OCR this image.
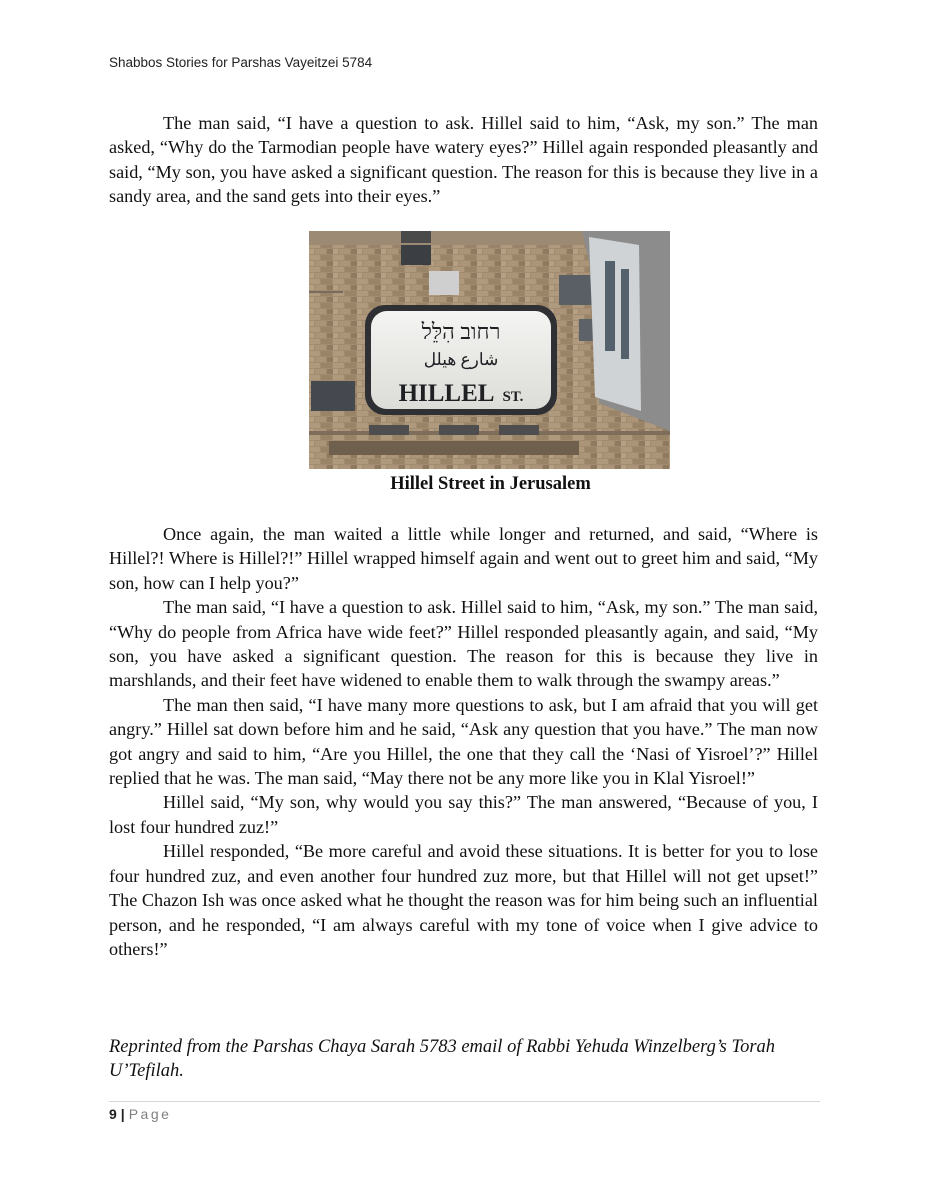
Shabbos Stories for Parshas Vayeitzei 5784

The man said, “I have a question to ask. Hillel said to him, “Ask, my son.” The man asked, “Why do the Tarmodian people have watery eyes?” Hillel again responded pleasantly and said, “My son, you have asked a significant question. The reason for this is because they live in a sandy area, and the sand gets into their eyes.”

רחוב הִלֵּל
شارع هيلل
HILLEL ST.
Hillel Street in Jerusalem

Once again, the man waited a little while longer and returned, and said, “Where is Hillel?! Where is Hillel?!” Hillel wrapped himself again and went out to greet him and said, “My son, how can I help you?”

The man said, “I have a question to ask. Hillel said to him, “Ask, my son.” The man said, “Why do people from Africa have wide feet?” Hillel responded pleasantly again, and said, “My son, you have asked a significant question. The reason for this is because they live in marshlands, and their feet have widened to enable them to walk through the swampy areas.”

The man then said, “I have many more questions to ask, but I am afraid that you will get angry.” Hillel sat down before him and he said, “Ask any question that you have.” The man now got angry and said to him, “Are you Hillel, the one that they call the ‘Nasi of Yisroel’?” Hillel replied that he was. The man said, “May there not be any more like you in Klal Yisroel!”

Hillel said, “My son, why would you say this?” The man answered, “Because of you, I lost four hundred zuz!”

Hillel responded, “Be more careful and avoid these situations. It is better for you to lose four hundred zuz, and even another four hundred zuz more, but that Hillel will not get upset!” The Chazon Ish was once asked what he thought the reason was for him being such an influential person, and he responded, “I am always careful with my tone of voice when I give advice to others!”

Reprinted from the Parshas Chaya Sarah 5783 email of Rabbi Yehuda Winzelberg’s Torah U’Tefilah.
9 | Page
